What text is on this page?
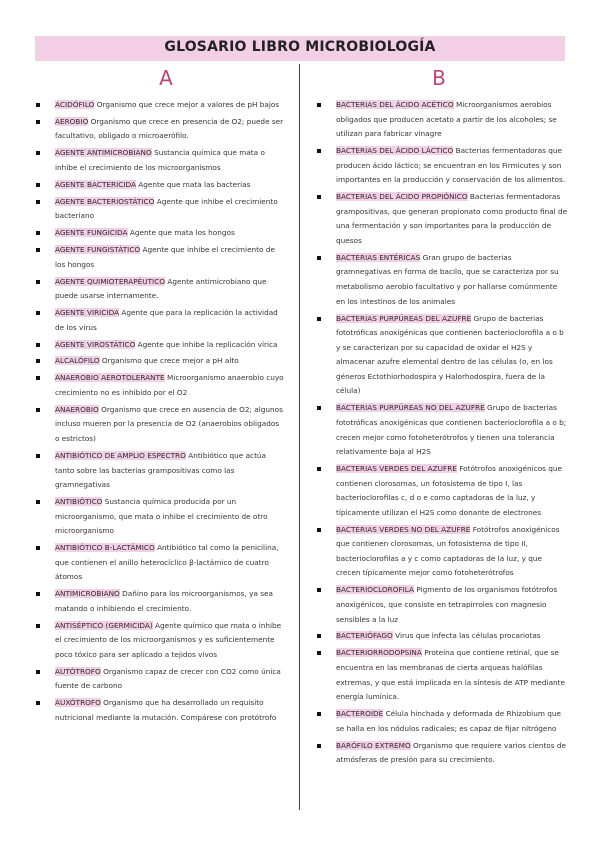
GLOSARIO LIBRO MICROBIOLOGÍA
A	B
ACIDÓFILO Organismo que crece mejor a valores de pH bajos
AEROBIO Organismo que crece en presencia de O2; puede ser facultativo, obligado o microaerófilo.
AGENTE ANTIMICROBIANO Sustancia química que mata o inhibe el crecimiento de los microorganismos
AGENTE BACTERICIDA Agente que mata las bacterias
AGENTE BACTERIOSTÁTICO Agente que inhibe el crecimiento bacteriano
AGENTE FUNGICIDA Agente que mata los hongos
AGENTE FUNGISTÁTICO Agente que inhibe el crecimiento de los hongos
AGENTE QUIMIOTERAPÉUTICO Agente antimicrobiano que puede usarse internamente.
AGENTE VIRICIDA Agente que para la replicación la actividad de los virus
AGENTE VIROSTÁTICO Agente que inhibe la replicación vírica
ALCALÓFILO Organismo que crece mejor a pH alto
ANAEROBIO AEROTOLERANTE Microorganismo anaerobio cuyo crecimiento no es inhibido por el O2
ANAEROBIO Organismo que crece en ausencia de O2; algunos incluso mueren por la presencia de O2 (anaerobios obligados o estrictos)
ANTIBIÓTICO DE AMPLIO ESPECTRO Antibiótico que actúa tanto sobre las bacterias grampositivas como las gramnegativas
ANTIBIÓTICO Sustancia química producida por un microorganismo, que mata o inhibe el crecimiento de otro microorganismo
ANTIBIÓTICO B-LACTÁMICO Antibiótico tal como la penicilina, que contienen el anillo heterocíclico β-lactámico de cuatro átomos
ANTIMICROBIANO Dañino para los microorganismos, ya sea matando o inhibiendo el crecimiento.
ANTISÉPTICO (GERMICIDA) Agente químico que mata o inhibe el crecimiento de los microorganismos y es suficientemente poco tóxico para ser aplicado a tejidos vivos
AUTÓTROFO Organismo capaz de crecer con CO2 como única fuente de carbono
AUXÓTROFO Organismo que ha desarrollado un requisito nutricional mediante la mutación. Compárese con protótrofo
BACTERIAS DEL ÁCIDO ACÉTICO Microorganismos aerobios obligados que producen acetato a partir de los alcoholes; se utilizan para fabricar vinagre
BACTERIAS DEL ÁCIDO LÁCTICO Bacterias fermentadoras que producen ácido láctico; se encuentran en los Firmicutes y son importantes en la producción y conservación de los alimentos.
BACTERIAS DEL ÁCIDO PROPIÓNICO Bacterias fermentadoras grampositivas, que generan propionato como producto final de una fermentación y son importantes para la producción de quesos
BACTERIAS ENTÉRICAS Gran grupo de bacterias gramnegativas en forma de bacilo, que se caracteriza por su metabolismo aerobio facultativo y por hallarse comúnmente en los intestinos de los animales
BACTERIAS PURPÚREAS DEL AZUFRE Grupo de bacterias fototróficas anoxigénicas que contienen bacterioclorofila a o b y se caracterizan por su capacidad de oxidar el H2S y almacenar azufre elemental dentro de las células (o, en los géneros Ectothiorhodospira y Halorhodospira, fuera de la célula)
BACTERIAS PURPÚREAS NO DEL AZUFRE Grupo de bacterias fototróficas anoxigénicas que contienen bacterioclorofila a o b; crecen mejor como fotoheterótrofos y tienen una tolerancia relativamente baja al H2S
BACTERIAS VERDES DEL AZUFRE Fotótrofos anoxigénicos que contienen clorosomas, un fotosistema de tipo I, las bacterioclorofilas c, d o e como captadoras de la luz, y típicamente utilizan el H2S como donante de electrones
BACTERIAS VERDES NO DEL AZUFRE Fotótrofos anoxigénicos que contienen clorosomas, un fotosistema de tipo II, bacterioclorofilas a y c como captadoras de la luz, y que crecen típicamente mejor como fotoheterótrofos
BACTERIOCLOROFILA Pigmento de los organismos fotótrofos anoxigénicos, que consiste en tetrapirroles con magnesio sensibles a la luz
BACTERIÓFAGO Virus que infecta las células procariotas
BACTERIORRODOPSINA Proteína que contiene retinal, que se encuentra en las membranas de cierta arqueas halófilas extremas, y que está implicada en la síntesis de ATP mediante energía lumínica.
BACTEROIDE Célula hinchada y deformada de Rhizobium que se halla en los nódulos radicales; es capaz de fijar nitrógeno
BARÓFILO EXTREMO Organismo que requiere varios cientos de atmósferas de presión para su crecimiento.
